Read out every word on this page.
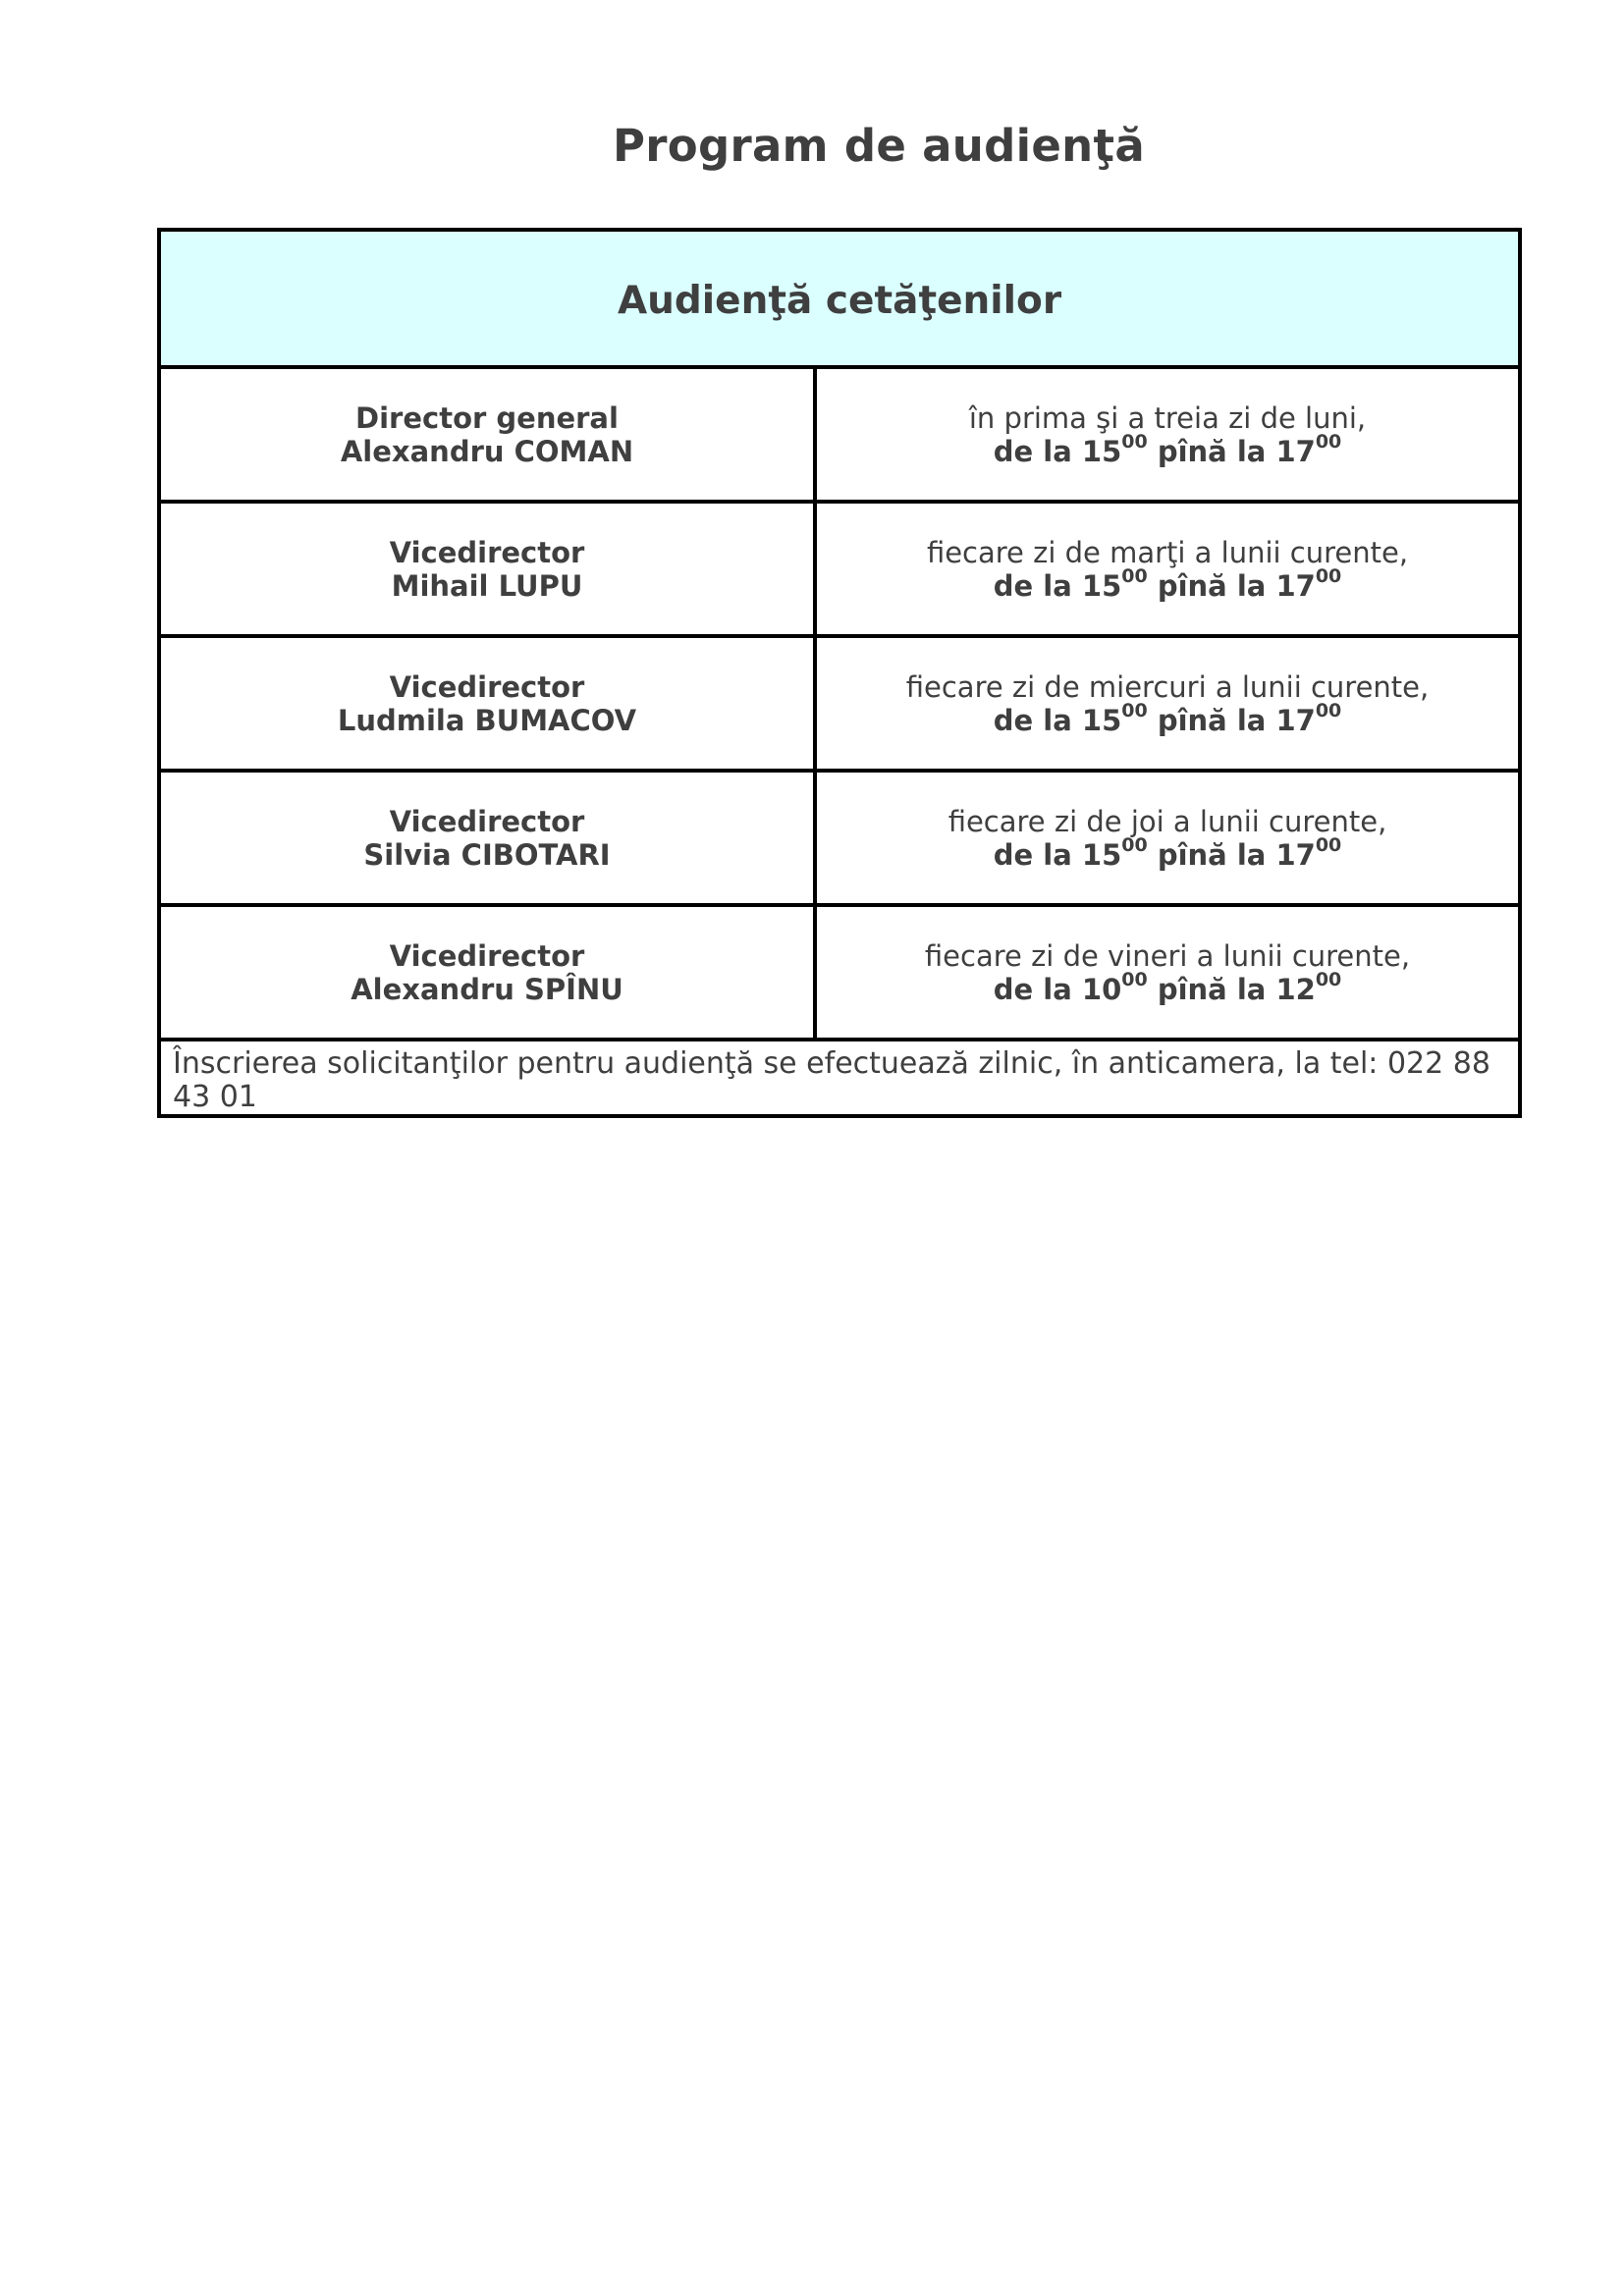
Program de audienţă
Audienţă cetăţenilor	

Director general
Alexandru COMAN	în prima şi a treia zi de luni,
de la $15^{00}$ pînă la $17^{00}$

Vicedirector
Mihail LUPU	fiecare zi de marţi a lunii curente,
de la $15^{00}$ pînă la $17^{00}$

Vicedirector
Ludmila BUMACOV	fiecare zi de miercuri a lunii curente,
de la $15^{00}$ pînă la $17^{00}$

Vicedirector
Silvia CIBOTARI	fiecare zi de joi a lunii curente,
de la $15^{00}$ pînă la $17^{00}$

Vicedirector
Alexandru SPÎNU	fiecare zi de vineri a lunii curente,
de la $10^{00}$ pînă la $12^{00}$

Înscrierea solicitanţilor pentru audienţă se efectuează zilnic, în anticamera, la tel: 022 88 43 01	
